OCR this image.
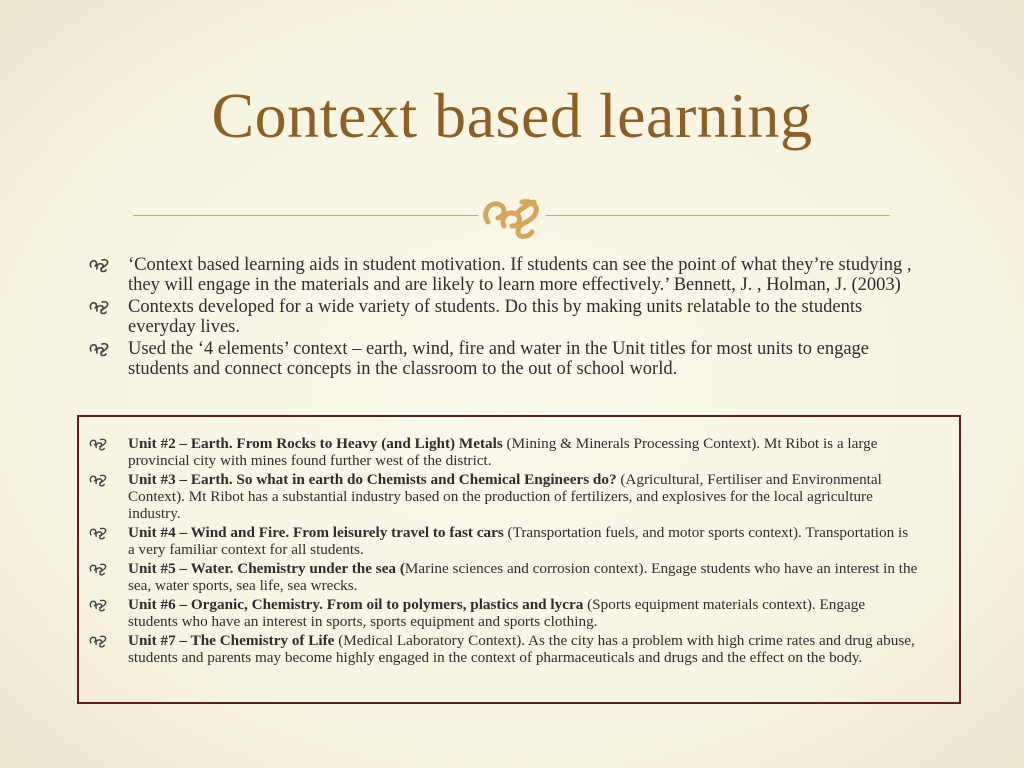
Context based learning
‘Context based learning aids in student motivation. If students can see the point of what they’re studying , they will engage in the materials and are likely to learn more effectively.’ Bennett, J. , Holman, J. (2003)
Contexts developed for a wide variety of students. Do this by making units relatable to the students everyday lives.
Used the ‘4 elements’ context – earth, wind, fire and water in the Unit titles for most units to engage students and connect concepts in the classroom to the out of school world.
Unit #2 – Earth. From Rocks to Heavy (and Light) Metals (Mining & Minerals Processing Context). Mt Ribot is a large provincial city with mines found further west of the district.
Unit #3 – Earth. So what in earth do Chemists and Chemical Engineers do? (Agricultural, Fertiliser and Environmental Context). Mt Ribot has a substantial industry based on the production of fertilizers, and explosives for the local agriculture industry.
Unit #4 – Wind and Fire. From leisurely travel to fast cars (Transportation fuels, and motor sports context). Transportation is a very familiar context for all students.
Unit #5 – Water. Chemistry under the sea (Marine sciences and corrosion context). Engage students who have an interest in the sea, water sports, sea life, sea wrecks.
Unit #6 – Organic, Chemistry. From oil to polymers, plastics and lycra (Sports equipment materials context). Engage students who have an interest in sports, sports equipment and sports clothing.
Unit #7 – The Chemistry of Life (Medical Laboratory Context). As the city has a problem with high crime rates and drug abuse, students and parents may become highly engaged in the context of pharmaceuticals and drugs and the effect on the body.
